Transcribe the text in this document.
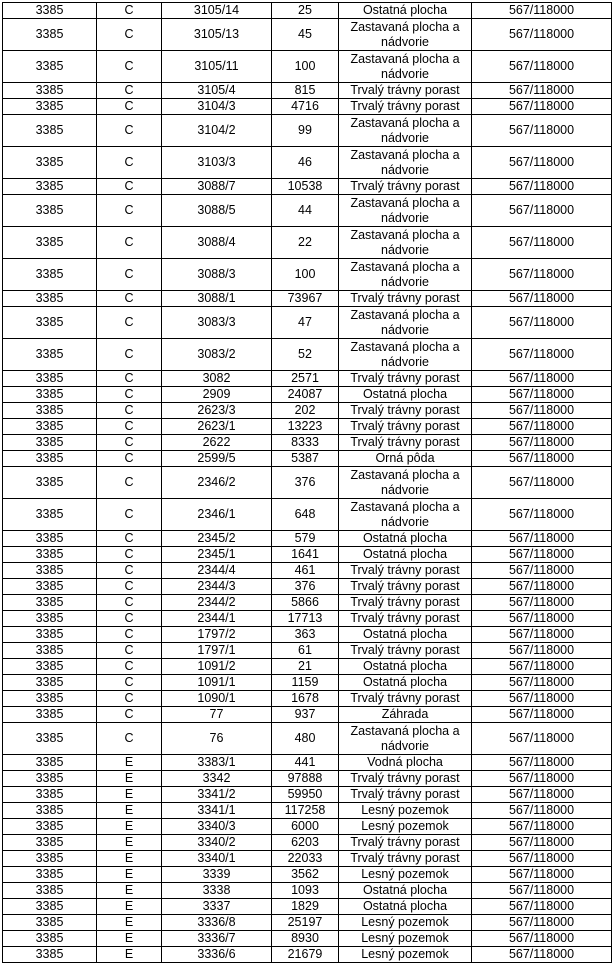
3385	C	3105/14	25	Ostatná plocha	567/118000
3385	C	3105/13	45	Zastavaná plocha a nádvorie	567/118000
3385	C	3105/11	100	Zastavaná plocha a nádvorie	567/118000
3385	C	3105/4	815	Trvalý trávny porast	567/118000
3385	C	3104/3	4716	Trvalý trávny porast	567/118000
3385	C	3104/2	99	Zastavaná plocha a nádvorie	567/118000
3385	C	3103/3	46	Zastavaná plocha a nádvorie	567/118000
3385	C	3088/7	10538	Trvalý trávny porast	567/118000
3385	C	3088/5	44	Zastavaná plocha a nádvorie	567/118000
3385	C	3088/4	22	Zastavaná plocha a nádvorie	567/118000
3385	C	3088/3	100	Zastavaná plocha a nádvorie	567/118000
3385	C	3088/1	73967	Trvalý trávny porast	567/118000
3385	C	3083/3	47	Zastavaná plocha a nádvorie	567/118000
3385	C	3083/2	52	Zastavaná plocha a nádvorie	567/118000
3385	C	3082	2571	Trvalý trávny porast	567/118000
3385	C	2909	24087	Ostatná plocha	567/118000
3385	C	2623/3	202	Trvalý trávny porast	567/118000
3385	C	2623/1	13223	Trvalý trávny porast	567/118000
3385	C	2622	8333	Trvalý trávny porast	567/118000
3385	C	2599/5	5387	Orná pôda	567/118000
3385	C	2346/2	376	Zastavaná plocha a nádvorie	567/118000
3385	C	2346/1	648	Zastavaná plocha a nádvorie	567/118000
3385	C	2345/2	579	Ostatná plocha	567/118000
3385	C	2345/1	1641	Ostatná plocha	567/118000
3385	C	2344/4	461	Trvalý trávny porast	567/118000
3385	C	2344/3	376	Trvalý trávny porast	567/118000
3385	C	2344/2	5866	Trvalý trávny porast	567/118000
3385	C	2344/1	17713	Trvalý trávny porast	567/118000
3385	C	1797/2	363	Ostatná plocha	567/118000
3385	C	1797/1	61	Trvalý trávny porast	567/118000
3385	C	1091/2	21	Ostatná plocha	567/118000
3385	C	1091/1	1159	Ostatná plocha	567/118000
3385	C	1090/1	1678	Trvalý trávny porast	567/118000
3385	C	77	937	Záhrada	567/118000
3385	C	76	480	Zastavaná plocha a nádvorie	567/118000
3385	E	3383/1	441	Vodná plocha	567/118000
3385	E	3342	97888	Trvalý trávny porast	567/118000
3385	E	3341/2	59950	Trvalý trávny porast	567/118000
3385	E	3341/1	117258	Lesný pozemok	567/118000
3385	E	3340/3	6000	Lesný pozemok	567/118000
3385	E	3340/2	6203	Trvalý trávny porast	567/118000
3385	E	3340/1	22033	Trvalý trávny porast	567/118000
3385	E	3339	3562	Lesný pozemok	567/118000
3385	E	3338	1093	Ostatná plocha	567/118000
3385	E	3337	1829	Ostatná plocha	567/118000
3385	E	3336/8	25197	Lesný pozemok	567/118000
3385	E	3336/7	8930	Lesný pozemok	567/118000
3385	E	3336/6	21679	Lesný pozemok	567/118000
